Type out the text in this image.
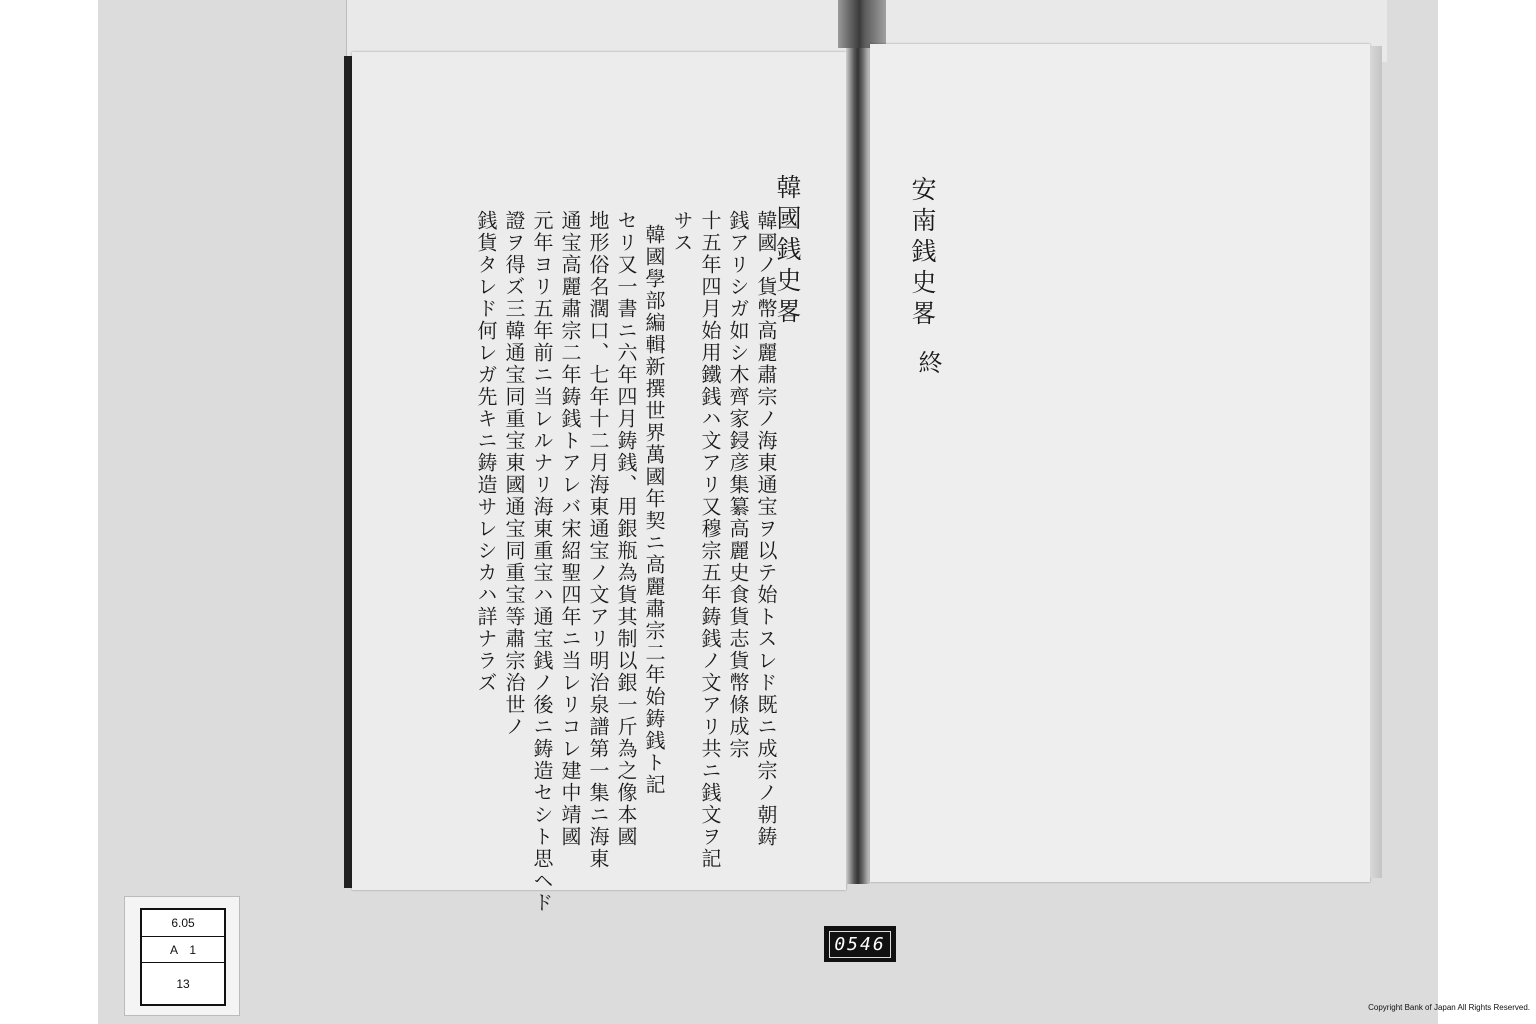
韓國銭史畧
韓國ノ貨幣高麗肅宗ノ海東通宝ヲ以テ始トスレド既ニ成宗ノ朝鋳
銭アリシガ如シ木齊家鋟彦集纂高麗史食貨志貨幣條成宗
十五年四月始用鐵銭ハ文アリ又穆宗五年鋳銭ノ文アリ共ニ銭文ヲ記
サス
韓國學部編輯新撰世界萬國年契ニ高麗肅宗二年始鋳銭ト記
セリ又一書ニ六年四月鋳銭、用銀瓶為貨其制以銀一斤為之像本國
地形俗名濶口、七年十二月海東通宝ノ文アリ明治泉譜第一集ニ海東
通宝高麗肅宗二年鋳銭トアレバ宋紹聖四年ニ当レリコレ建中靖國
元年ヨリ五年前ニ当レルナリ海東重宝ハ通宝銭ノ後ニ鋳造セシト思ヘド
證ヲ得ズ三韓通宝同重宝東國通宝同重宝等肅宗治世ノ
銭貨タレド何レガ先キニ鋳造サレシカハ詳ナラズ	安南銭史畧
終
6.05
A　1
13
0546
Copyright Bank of Japan All Rights Reserved.
